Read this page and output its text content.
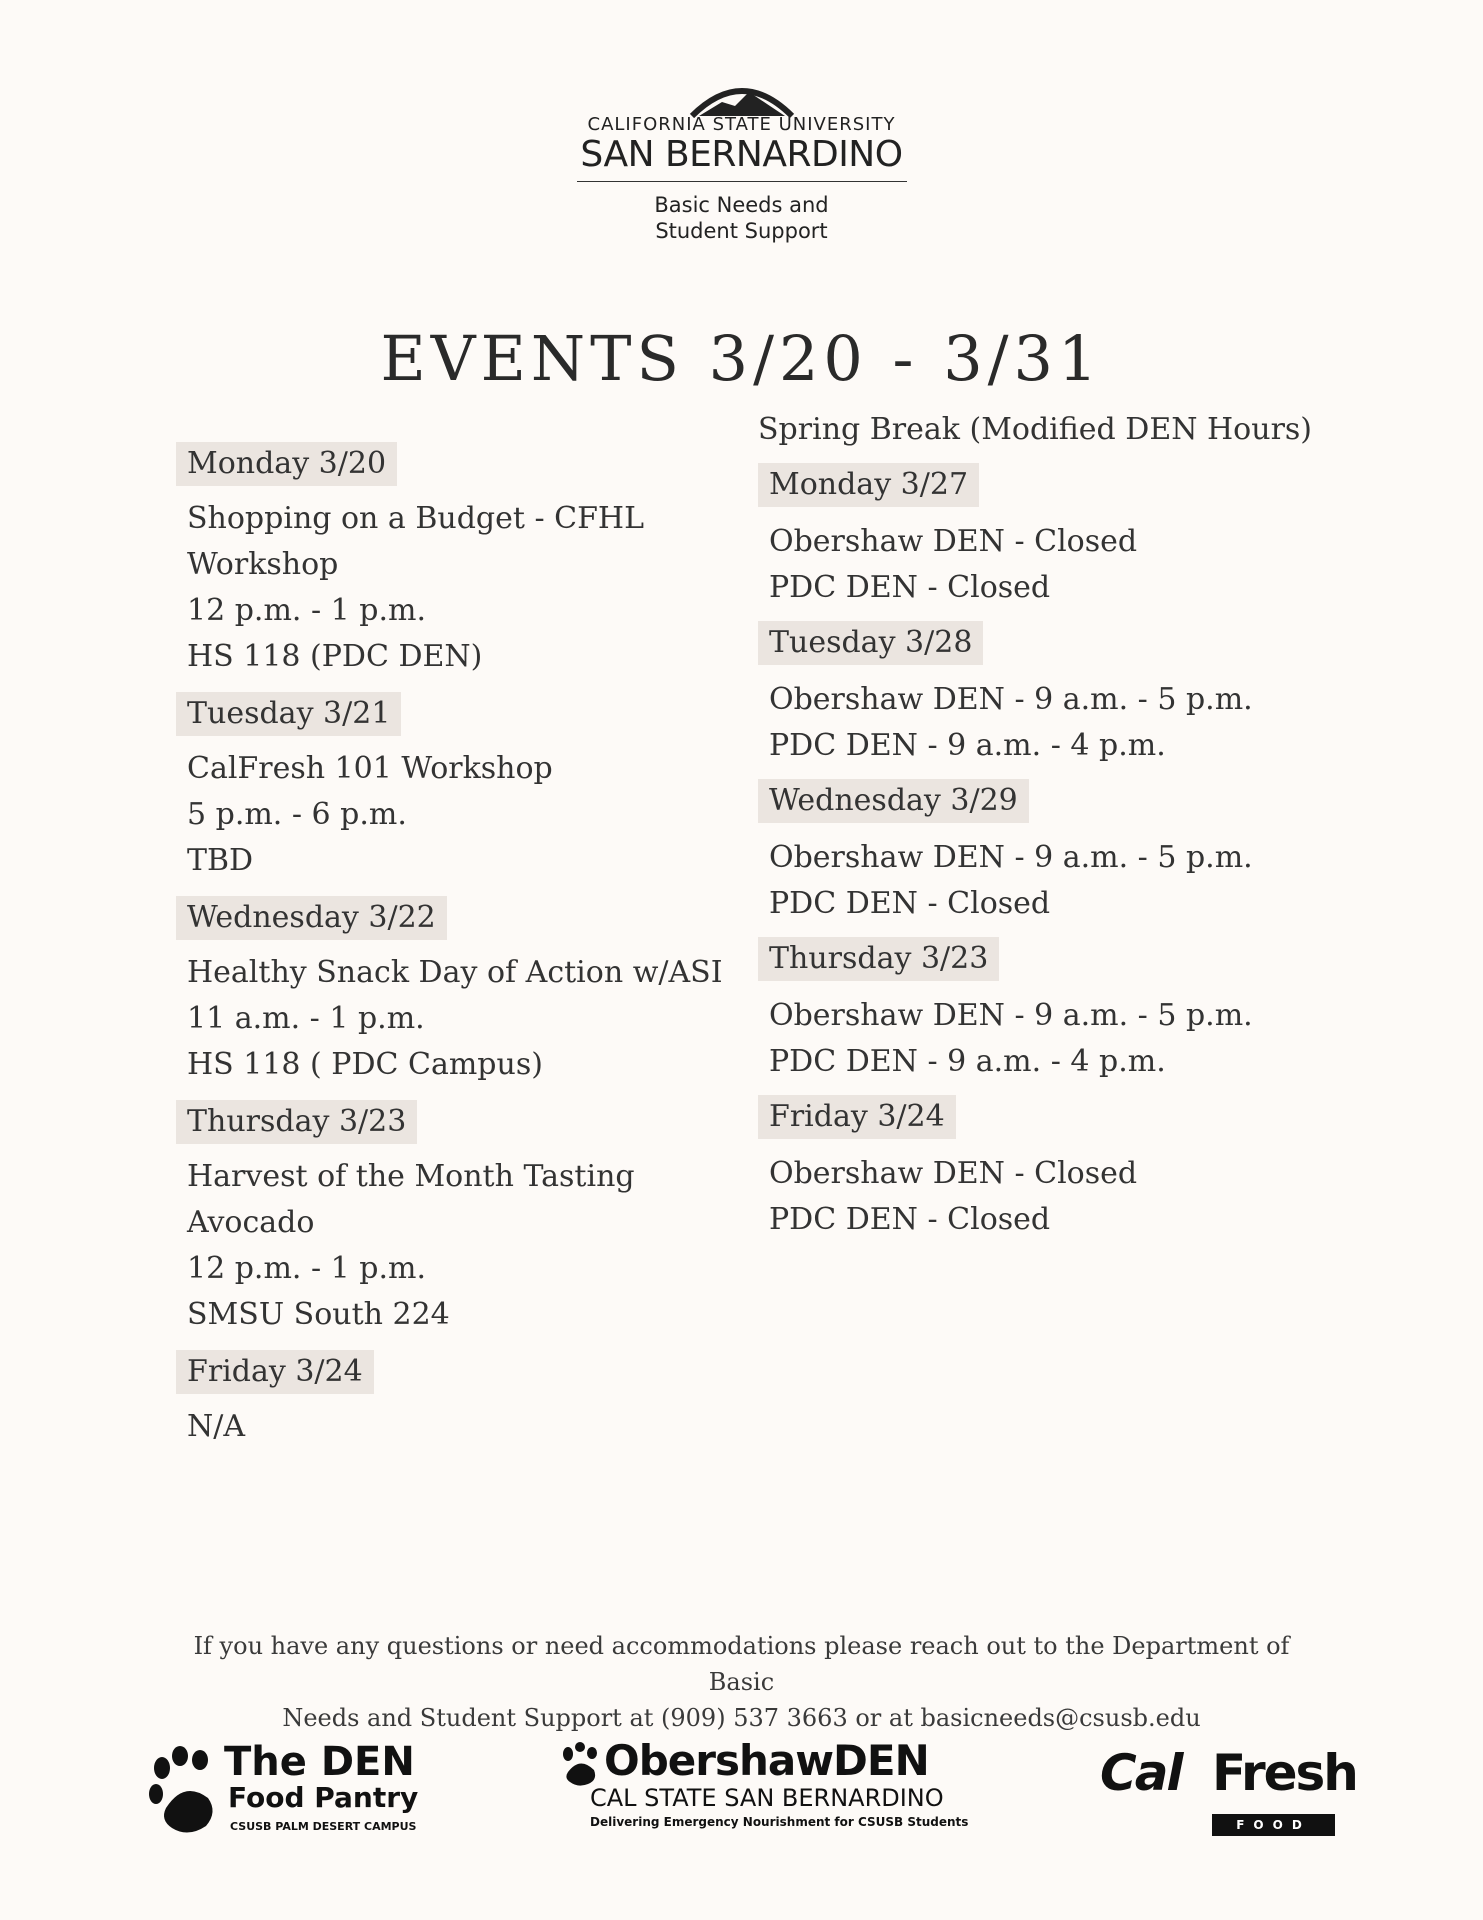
CALIFORNIA STATE UNIVERSITY
SAN BERNARDINO
Basic Needs and
Student Support
EVENTS 3/20 - 3/31
Monday 3/20
Shopping on a Budget - CFHL
Workshop
12 p.m. - 1 p.m.
HS 118 (PDC DEN)
Tuesday 3/21
CalFresh 101 Workshop
5 p.m. - 6 p.m.
TBD
Wednesday 3/22
Healthy Snack Day of Action w/ASI
11 a.m. - 1 p.m.
HS 118 ( PDC Campus)
Thursday 3/23
Harvest of the Month Tasting
Avocado
12 p.m. - 1 p.m.
SMSU South 224
Friday 3/24
N/A
Spring Break (Modified DEN Hours)
Monday 3/27
Obershaw DEN - Closed
PDC DEN - Closed
Tuesday 3/28
Obershaw DEN - 9 a.m. - 5 p.m.
PDC DEN - 9 a.m. - 4 p.m.
Wednesday 3/29
Obershaw DEN - 9 a.m. - 5 p.m.
PDC DEN - Closed
Thursday 3/23
Obershaw DEN - 9 a.m. - 5 p.m.
PDC DEN - 9 a.m. - 4 p.m.
Friday 3/24
Obershaw DEN - Closed
PDC DEN - Closed
If you have any questions or need accommodations please reach out to the Department of Basic
Needs and Student Support at (909) 537 3663 or at basicneeds@csusb.edu
The DEN
Food Pantry
CSUSB PALM DESERT CAMPUS
ObershawDEN
CAL STATE SAN BERNARDINO
Delivering Emergency Nourishment for CSUSB Students
Cal Fresh
FOOD
